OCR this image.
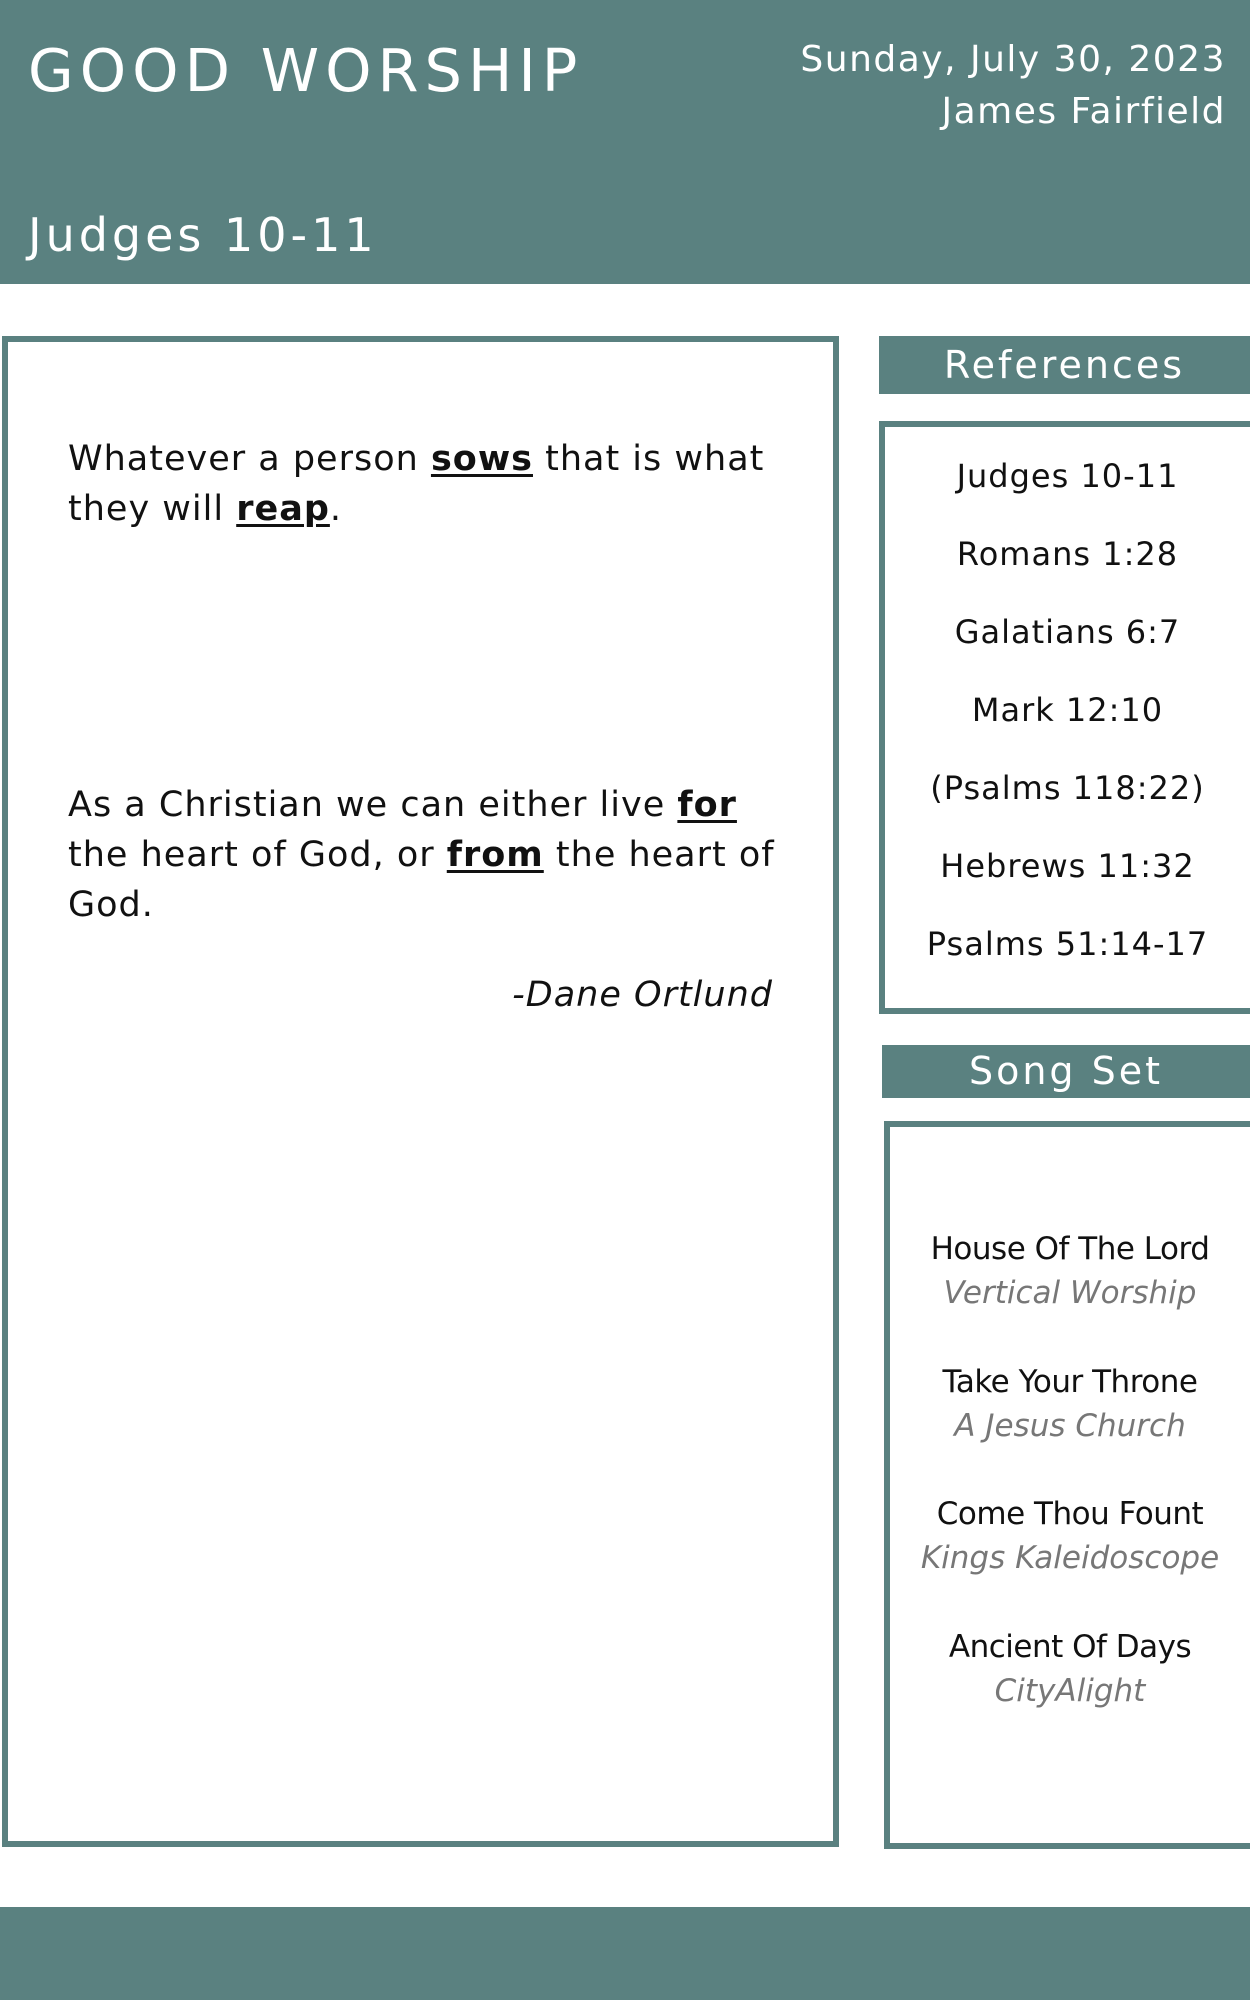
GOOD WORSHIP	Sunday, July 30, 2023
James Fairfield
Judges 10-11
Whatever a person sows that is what they will reap.
As a Christian we can either live for the heart of God, or from the heart of God.
-Dane Ortlund
References
Judges 10-11
Romans 1:28
Galatians 6:7
Mark 12:10
(Psalms 118:22)
Hebrews 11:32
Psalms 51:14-17
Song Set
House Of The Lord
Vertical Worship
Take Your Throne
A Jesus Church
Come Thou Fount
Kings Kaleidoscope
Ancient Of Days
CityAlight
